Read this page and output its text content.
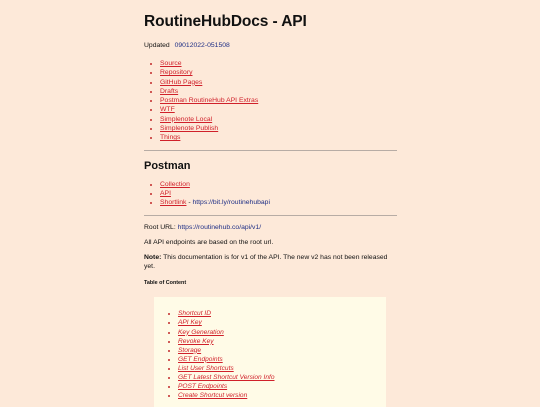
RoutineHubDocs - API
Updated 09012022-051508
• Source
• Repository
• GitHub Pages
• Drafts
• Postman RoutineHub API Extras
• WTF
• Simplenote Local
• Simplenote Publish
• Things
Postman
• Collection
• API
• Shortlink - https://bit.ly/routinehubapi

Root URL: https://routinehub.co/api/v1/

All API endpoints are based on the root url.

Note: This documentation is for v1 of the API. The new v2 has not been released yet.

Table of Content
• Shortcut ID
• API Key
• Key Generation
• Revoke Key
• Storage
• GET Endpoints
• List User Shortcuts
• GET Latest Shortcut Version Info
• POST Endpoints
• Create Shortcut version
